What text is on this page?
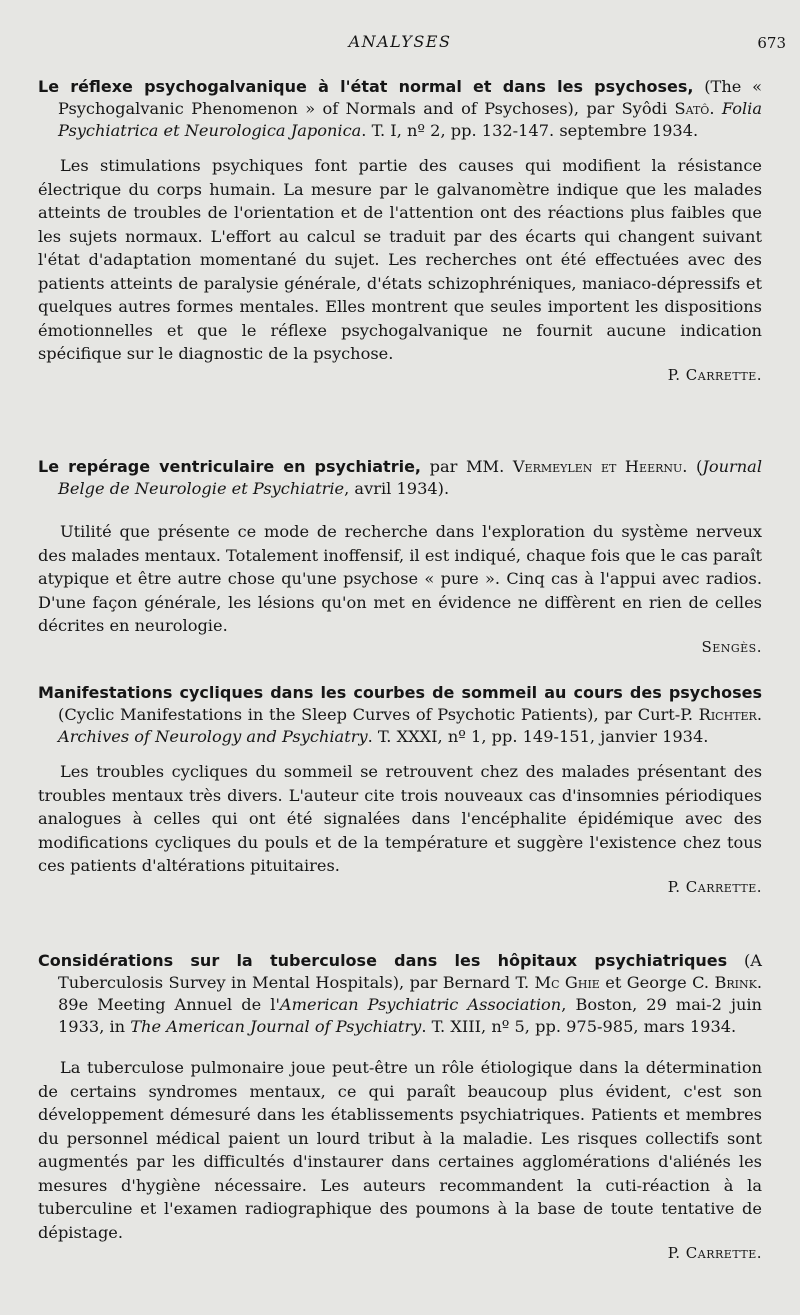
ANALYSES	673

Le réflexe psychogalvanique à l'état normal et dans les psychoses, (The « Psychogalvanic Phenomenon » of Normals and of Psychoses), par Syôdi Satô. Folia Psychiatrica et Neurologica Japonica. T. I, nº 2, pp. 132-147. septembre 1934.

Les stimulations psychiques font partie des causes qui modifient la résistance électrique du corps humain. La mesure par le galvanomètre indique que les malades atteints de troubles de l'orientation et de l'attention ont des réactions plus faibles que les sujets normaux. L'effort au calcul se traduit par des écarts qui changent suivant l'état d'adaptation momentané du sujet. Les recherches ont été effectuées avec des patients atteints de paralysie générale, d'états schizophréniques, maniaco-dépressifs et quelques autres formes mentales. Elles montrent que seules importent les dispositions émotionnelles et que le réflexe psychogalvanique ne fournit aucune indication spécifique sur le diagnostic de la psychose.

P. Carrette.

Le repérage ventriculaire en psychiatrie, par MM. Vermeylen et Heernu. (Journal Belge de Neurologie et Psychiatrie, avril 1934).

Utilité que présente ce mode de recherche dans l'exploration du système nerveux des malades mentaux. Totalement inoffensif, il est indiqué, chaque fois que le cas paraît atypique et être autre chose qu'une psychose « pure ». Cinq cas à l'appui avec radios. D'une façon générale, les lésions qu'on met en évidence ne diffèrent en rien de celles décrites en neurologie.

Sengès.

Manifestations cycliques dans les courbes de sommeil au cours des psychoses (Cyclic Manifestations in the Sleep Curves of Psychotic Patients), par Curt-P. Richter. Archives of Neurology and Psychiatry. T. XXXI, nº 1, pp. 149-151, janvier 1934.

Les troubles cycliques du sommeil se retrouvent chez des malades présentant des troubles mentaux très divers. L'auteur cite trois nouveaux cas d'insomnies périodiques analogues à celles qui ont été signalées dans l'encéphalite épidémique avec des modifications cycliques du pouls et de la température et suggère l'existence chez tous ces patients d'altérations pituitaires.

P. Carrette.

Considérations sur la tuberculose dans les hôpitaux psychiatriques (A Tuberculosis Survey in Mental Hospitals), par Bernard T. Mc Ghie et George C. Brink. 89e Meeting Annuel de l'American Psychiatric Association, Boston, 29 mai-2 juin 1933, in The American Journal of Psychiatry. T. XIII, nº 5, pp. 975-985, mars 1934.

La tuberculose pulmonaire joue peut-être un rôle étiologique dans la détermination de certains syndromes mentaux, ce qui paraît beaucoup plus évident, c'est son développement démesuré dans les établissements psychiatriques. Patients et membres du personnel médical paient un lourd tribut à la maladie. Les risques collectifs sont augmentés par les difficultés d'instaurer dans certaines agglomérations d'aliénés les mesures d'hygiène nécessaire. Les auteurs recommandent la cuti-réaction à la tuberculine et l'examen radiographique des poumons à la base de toute tentative de dépistage.

P. Carrette.
